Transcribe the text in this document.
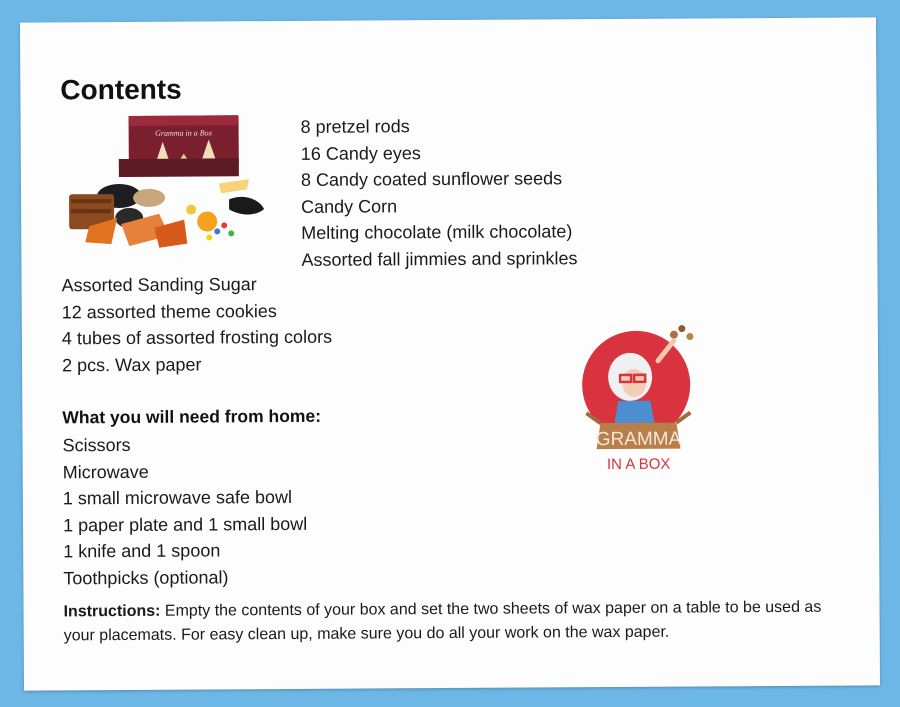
Contents
Gramma in a Box	8 pretzel rods
16 Candy eyes
8 Candy coated sunflower seeds
Candy Corn
Melting chocolate (milk chocolate)
Assorted fall jimmies and sprinkles
Assorted Sanding Sugar
12 assorted theme cookies
4 tubes of assorted frosting colors
2 pcs. Wax paper
What you will need from home:
Scissors
Microwave
1 small microwave safe bowl
1 paper plate and 1 small bowl
1 knife and 1 spoon
Toothpicks (optional)
GRAMMA
IN A BOX
Instructions: Empty the contents of your box and set the two sheets of wax paper on a table to be used as your placemats. For easy clean up, make sure you do all your work on the wax paper.
